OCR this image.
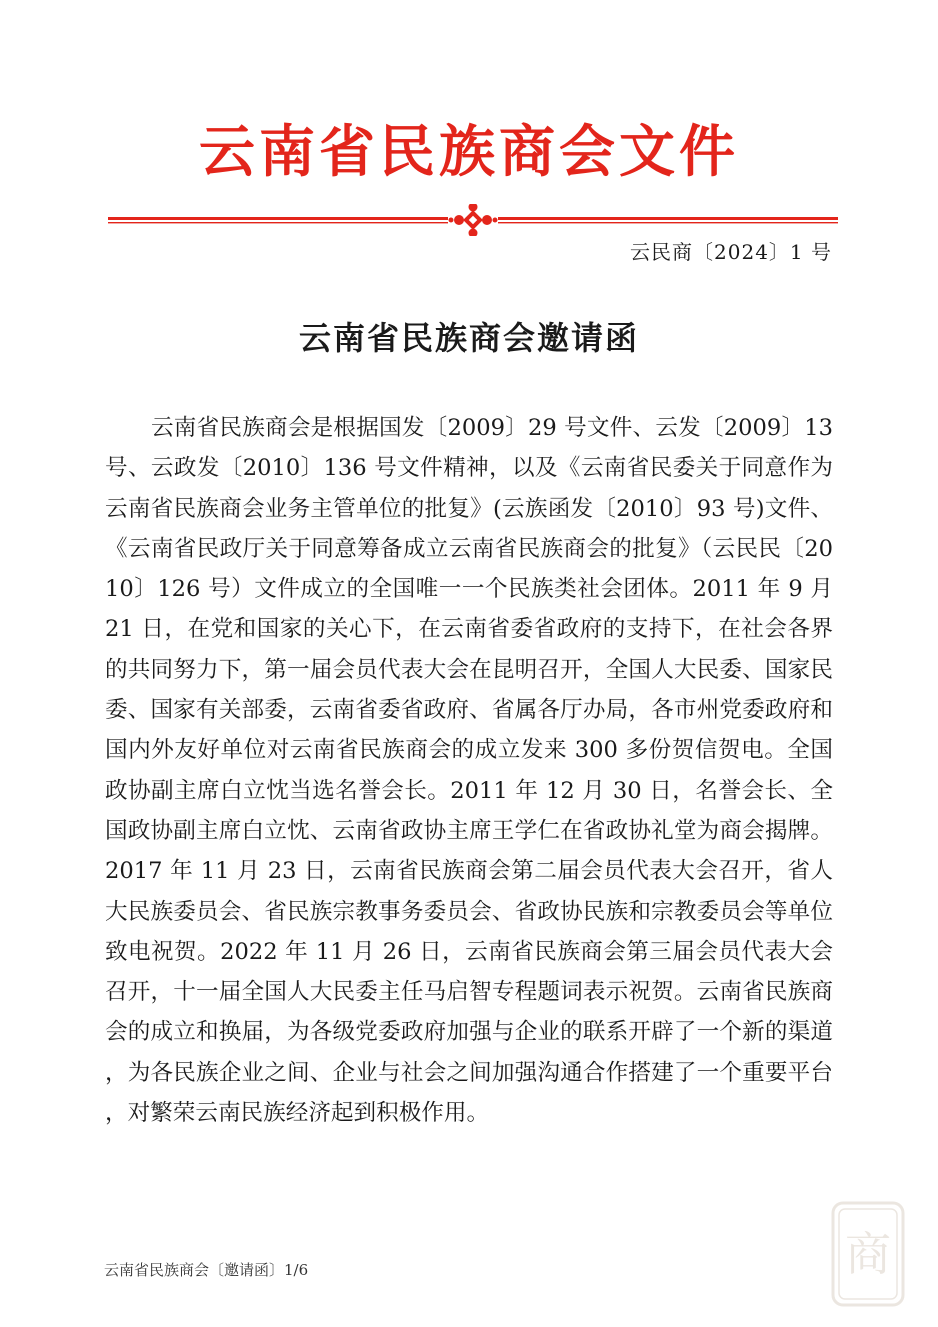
云南省民族商会文件
云民商〔2024〕1 号
云南省民族商会邀请函

云南省民族商会是根据国发〔2009〕29 号文件、云发〔2009〕13 号、云政发〔2010〕136 号文件精神，以及《云南省民委关于同意作为云南省民族商会业务主管单位的批复》(云族函发〔2010〕93 号)文件、《云南省民政厅关于同意筹备成立云南省民族商会的批复》（云民民〔2010〕126 号）文件成立的全国唯一一个民族类社会团体。2011 年 9 月 21 日，在党和国家的关心下，在云南省委省政府的支持下，在社会各界的共同努力下，第一届会员代表大会在昆明召开，全国人大民委、国家民委、国家有关部委，云南省委省政府、省属各厅办局，各市州党委政府和国内外友好单位对云南省民族商会的成立发来 300 多份贺信贺电。全国政协副主席白立忱当选名誉会长。2011 年 12 月 30 日，名誉会长、全国政协副主席白立忱、云南省政协主席王学仁在省政协礼堂为商会揭牌。2017 年 11 月 23 日，云南省民族商会第二届会员代表大会召开，省人大民族委员会、省民族宗教事务委员会、省政协民族和宗教委员会等单位致电祝贺。2022 年 11 月 26 日，云南省民族商会第三届会员代表大会召开，十一届全国人大民委主任马启智专程题词表示祝贺。云南省民族商会的成立和换届，为各级党委政府加强与企业的联系开辟了一个新的渠道，为各民族企业之间、企业与社会之间加强沟通合作搭建了一个重要平台，对繁荣云南民族经济起到积极作用。

云南省民族商会〔邀请函〕1/6	商
